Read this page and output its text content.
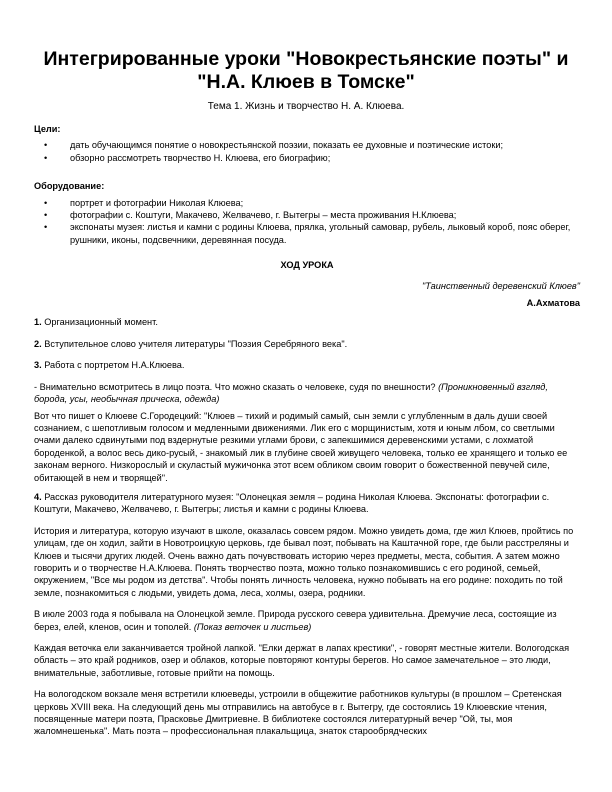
Интегрированные уроки "Новокрестьянские поэты" и
"Н.А. Клюев в Томске"
Тема 1. Жизнь и творчество Н. А. Клюева.

Цели:

• дать обучающимся понятие о новокрестьянской поэзии, показать ее духовные и поэтические истоки;
• обзорно рассмотреть творчество Н. Клюева, его биографию;

Оборудование:

• портрет и фотографии Николая Клюева;
• фотографии с. Коштуги, Макачево, Желвачево, г. Вытегры – места проживания Н.Клюева;
• экспонаты музея: листья и камни с родины Клюева, прялка, угольный самовар, рубель, лыковый короб, пояс оберег, рушники, иконы, подсвечники, деревянная посуда.

ХОД УРОКА

"Таинственный деревенский Клюев"

А.Ахматова

1. Организационный момент.

2. Вступительное слово учителя литературы "Поэзия Серебряного века".

3. Работа с портретом Н.А.Клюева.

- Внимательно всмотритесь в лицо поэта. Что можно сказать о человеке, судя по внешности? (Проникновенный взгляд, борода, усы, необычная прическа, одежда)

Вот что пишет о Клюеве С.Городецкий: "Клюев – тихий и родимый самый, сын земли с углубленным в даль души своей сознанием, с шепотливым голосом и медленными движениями. Лик его с морщинистым, хотя и юным лбом, со светлыми очами далеко сдвинутыми под вздернутые резкими углами брови, с запекшимися деревенскими устами, с лохматой бороденкой, а волос весь дико-русый, - знакомый лик в глубине своей живущего человека, только ее хранящего и только ее законам верного. Низкорослый и скуластый мужичонка этот всем обликом своим говорит о божественной певучей силе, обитающей в нем и творящей".

4. Рассказ руководителя литературного музея: "Олонецкая земля – родина Николая Клюева. Экспонаты: фотографии с. Коштуги, Макачево, Желвачево, г. Вытегры; листья и камни с родины Клюева.

История и литература, которую изучают в школе, оказалась совсем рядом. Можно увидеть дома, где жил Клюев, пройтись по улицам, где он ходил, зайти в Новотроицкую церковь, где бывал поэт, побывать на Каштачной горе, где были расстреляны и Клюев и тысячи других людей. Очень важно дать почувствовать историю через предметы, места, события. А затем можно говорить и о творчестве Н.А.Клюева. Понять творчество поэта, можно только познакомившись с его родиной, семьей, окружением, "Все мы родом из детства". Чтобы понять личность человека, нужно побывать на его родине: походить по той земле, познакомиться с людьми, увидеть дома, леса, холмы, озера, родники.

В июле 2003 года я побывала на Олонецкой земле. Природа русского севера удивительна. Дремучие леса, состоящие из берез, елей, кленов, осин и тополей. (Показ веточек и листьев)

Каждая веточка ели заканчивается тройной лапкой. "Елки держат в лапах крестики", - говорят местные жители. Вологодская область – это край родников, озер и облаков, которые повторяют контуры берегов. Но самое замечательное – это люди, внимательные, заботливые, готовые прийти на помощь.

На вологодском вокзале меня встретили клюеведы, устроили в общежитие работников культуры (в прошлом – Сретенская церковь XVIII века. На следующий день мы отправились на автобусе в г. Вытегру, где состоялись 19 Клюевские чтения, посвященные матери поэта, Прасковье Дмитриевне. В библиотеке состоялся литературный вечер "Ой, ты, моя жаломнешенька". Мать поэта – профессиональная плакальщица, знаток старообрядческих
